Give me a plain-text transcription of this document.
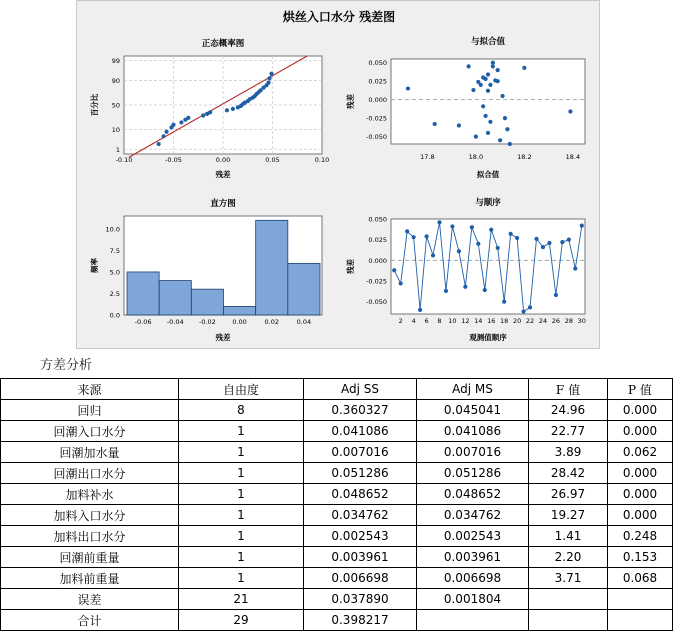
烘丝入口水分 残差图
-0.10	-0.05	0.00	0.05	0.10
1
10
50
90
99
正态概率图
残差
百分比
17.8	18.0	18.2	18.4
0.050
0.025
0.000
-0.025
-0.050
与拟合值
拟合值
残差
-0.06 -0.04 -0.02	0.00	0.02	0.04
0.0
2.5
5.0
7.5
10.0
直方图
残差
频率
2 4 6 8 10 12 14 16 18 20 22 24 26 28 30
0.050
0.025
0.000
-0.025
-0.050
与顺序
观测值顺序
残差
方差分析
来源	自由度	Adj SS	Adj MS	F 值	P 值
回归	8	0.360327	0.045041	24.96	0.000
回潮入口水分	1	0.041086	0.041086	22.77	0.000
回潮加水量	1	0.007016	0.007016	3.89	0.062
回潮出口水分	1	0.051286	0.051286	28.42	0.000
加料补水	1	0.048652	0.048652	26.97	0.000
加料入口水分	1	0.034762	0.034762	19.27	0.000
加料出口水分	1	0.002543	0.002543	1.41	0.248
回潮前重量	1	0.003961	0.003961	2.20	0.153
加料前重量	1	0.006698	0.006698	3.71	0.068
误差	21	0.037890	0.001804		
合计	29	0.398217			
